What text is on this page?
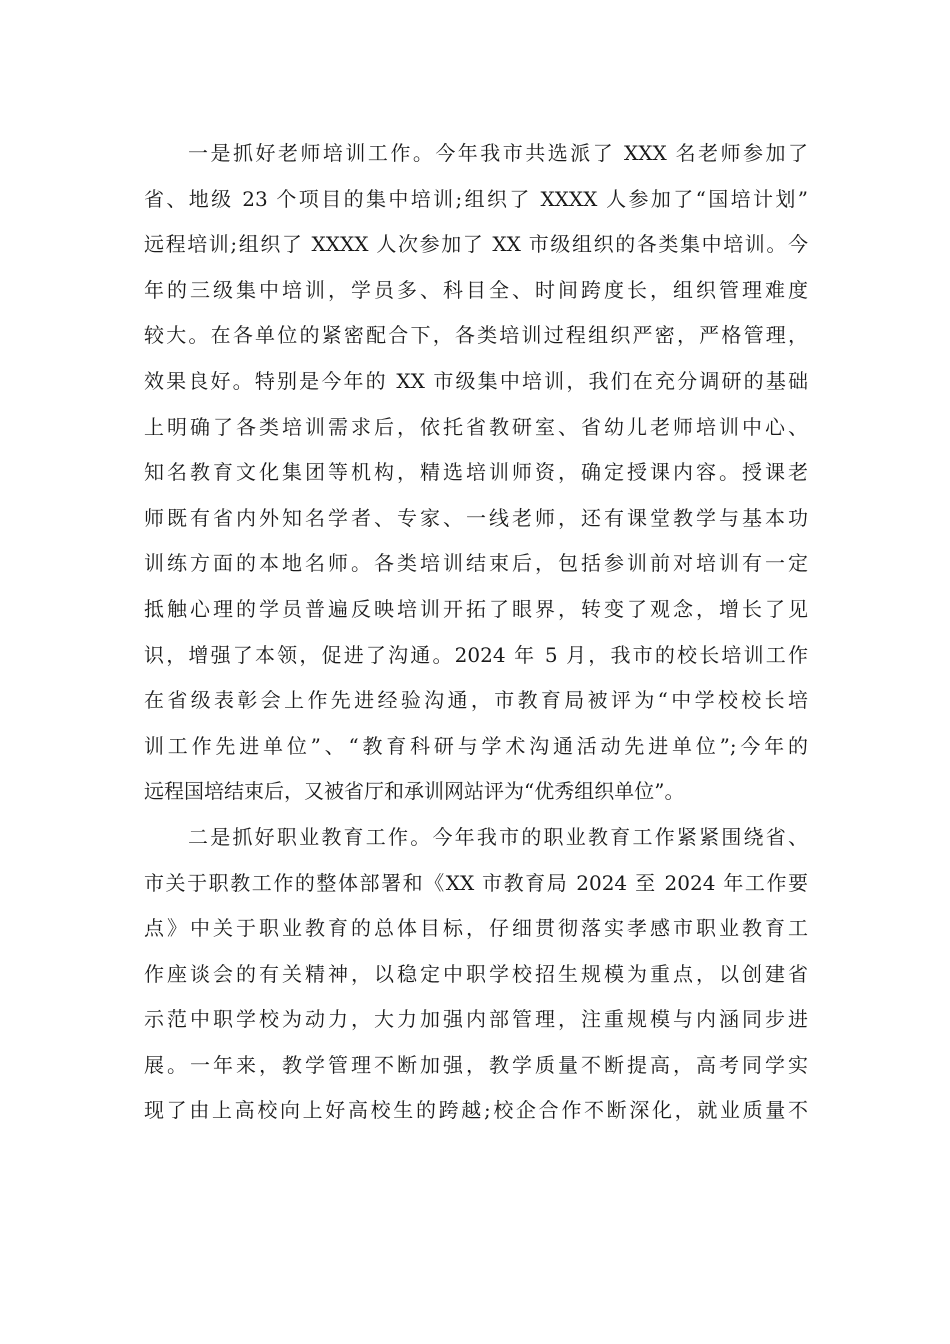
一是抓好老师培训工作。今年我市共选派了 XXX 名老师参加了
省、地级 23 个项目的集中培训;组织了 XXXX 人参加了“国培计划”
远程培训;组织了 XXXX 人次参加了 XX 市级组织的各类集中培训。今
年的三级集中培训，学员多、科目全、时间跨度长，组织管理难度
较大。在各单位的紧密配合下，各类培训过程组织严密，严格管理，
效果良好。特别是今年的 XX 市级集中培训，我们在充分调研的基础
上明确了各类培训需求后，依托省教研室、省幼儿老师培训中心、
知名教育文化集团等机构，精选培训师资，确定授课内容。授课老
师既有省内外知名学者、专家、一线老师，还有课堂教学与基本功
训练方面的本地名师。各类培训结束后，包括参训前对培训有一定
抵触心理的学员普遍反映培训开拓了眼界，转变了观念，增长了见
识，增强了本领，促进了沟通。2024 年 5 月，我市的校长培训工作
在省级表彰会上作先进经验沟通，市教育局被评为“中学校校长培
训工作先进单位”、“教育科研与学术沟通活动先进单位”;今年的
远程国培结束后，又被省厅和承训网站评为“优秀组织单位”。
二是抓好职业教育工作。今年我市的职业教育工作紧紧围绕省、
市关于职教工作的整体部署和《XX 市教育局 2024 至 2024 年工作要
点》中关于职业教育的总体目标，仔细贯彻落实孝感市职业教育工
作座谈会的有关精神，以稳定中职学校招生规模为重点，以创建省
示范中职学校为动力，大力加强内部管理，注重规模与内涵同步进
展。一年来，教学管理不断加强，教学质量不断提高，高考同学实
现了由上高校向上好高校生的跨越;校企合作不断深化，就业质量不
